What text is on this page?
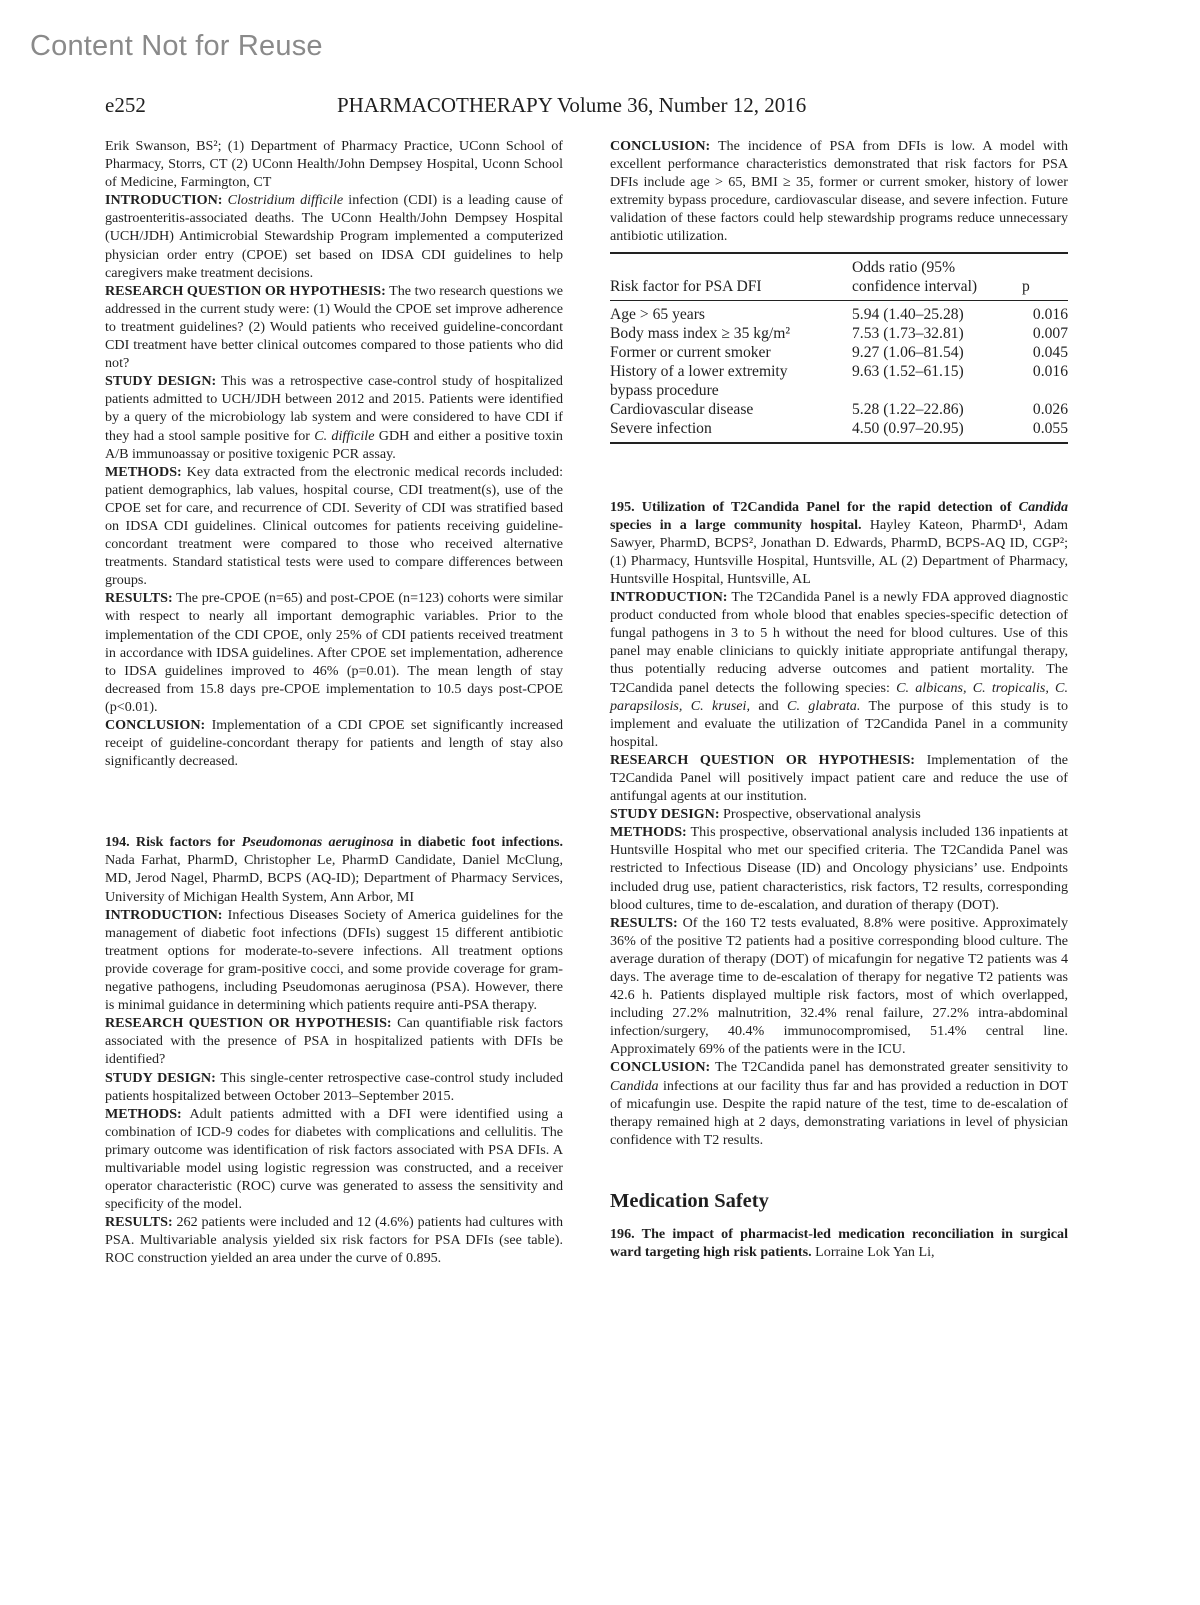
Content Not for Reuse
e252	PHARMACOTHERAPY Volume 36, Number 12, 2016

Erik Swanson, BS²; (1) Department of Pharmacy Practice, UConn School of Pharmacy, Storrs, CT (2) UConn Health/John Dempsey Hospital, Uconn School of Medicine, Farmington, CT

INTRODUCTION: Clostridium difficile infection (CDI) is a leading cause of gastroenteritis-associated deaths. The UConn Health/John Dempsey Hospital (UCH/JDH) Antimicrobial Stewardship Program implemented a computerized physician order entry (CPOE) set based on IDSA CDI guidelines to help caregivers make treatment decisions.

RESEARCH QUESTION OR HYPOTHESIS: The two research questions we addressed in the current study were: (1) Would the CPOE set improve adherence to treatment guidelines? (2) Would patients who received guideline-concordant CDI treatment have better clinical outcomes compared to those patients who did not?

STUDY DESIGN: This was a retrospective case-control study of hospitalized patients admitted to UCH/JDH between 2012 and 2015. Patients were identified by a query of the microbiology lab system and were considered to have CDI if they had a stool sample positive for C. difficile GDH and either a positive toxin A/B immunoassay or positive toxigenic PCR assay.

METHODS: Key data extracted from the electronic medical records included: patient demographics, lab values, hospital course, CDI treatment(s), use of the CPOE set for care, and recurrence of CDI. Severity of CDI was stratified based on IDSA CDI guidelines. Clinical outcomes for patients receiving guideline-concordant treatment were compared to those who received alternative treatments. Standard statistical tests were used to compare differences between groups.

RESULTS: The pre-CPOE (n=65) and post-CPOE (n=123) cohorts were similar with respect to nearly all important demographic variables. Prior to the implementation of the CDI CPOE, only 25% of CDI patients received treatment in accordance with IDSA guidelines. After CPOE set implementation, adherence to IDSA guidelines improved to 46% (p=0.01). The mean length of stay decreased from 15.8 days pre-CPOE implementation to 10.5 days post-CPOE (p<0.01).

CONCLUSION: Implementation of a CDI CPOE set significantly increased receipt of guideline-concordant therapy for patients and length of stay also significantly decreased.

194. Risk factors for Pseudomonas aeruginosa in diabetic foot infections. Nada Farhat, PharmD, Christopher Le, PharmD Candidate, Daniel McClung, MD, Jerod Nagel, PharmD, BCPS (AQ-ID); Department of Pharmacy Services, University of Michigan Health System, Ann Arbor, MI

INTRODUCTION: Infectious Diseases Society of America guidelines for the management of diabetic foot infections (DFIs) suggest 15 different antibiotic treatment options for moderate-to-severe infections. All treatment options provide coverage for gram-positive cocci, and some provide coverage for gram-negative pathogens, including Pseudomonas aeruginosa (PSA). However, there is minimal guidance in determining which patients require anti-PSA therapy.

RESEARCH QUESTION OR HYPOTHESIS: Can quantifiable risk factors associated with the presence of PSA in hospitalized patients with DFIs be identified?

STUDY DESIGN: This single-center retrospective case-control study included patients hospitalized between October 2013–September 2015.

METHODS: Adult patients admitted with a DFI were identified using a combination of ICD-9 codes for diabetes with complications and cellulitis. The primary outcome was identification of risk factors associated with PSA DFIs. A multivariable model using logistic regression was constructed, and a receiver operator characteristic (ROC) curve was generated to assess the sensitivity and specificity of the model.

RESULTS: 262 patients were included and 12 (4.6%) patients had cultures with PSA. Multivariable analysis yielded six risk factors for PSA DFIs (see table). ROC construction yielded an area under the curve of 0.895.

CONCLUSION: The incidence of PSA from DFIs is low. A model with excellent performance characteristics demonstrated that risk factors for PSA DFIs include age > 65, BMI ≥ 35, former or current smoker, history of lower extremity bypass procedure, cardiovascular disease, and severe infection. Future validation of these factors could help stewardship programs reduce unnecessary antibiotic utilization.

Risk factor for PSA DFI	Odds ratio (95% confidence interval)	p
Age > 65 years	5.94 (1.40–25.28)	0.016
Body mass index ≥ 35 kg/m²	7.53 (1.73–32.81)	0.007
Former or current smoker	9.27 (1.06–81.54)	0.045
History of a lower extremity	9.63 (1.52–61.15)	0.016
bypass procedure		
Cardiovascular disease	5.28 (1.22–22.86)	0.026
Severe infection	4.50 (0.97–20.95)	0.055

195. Utilization of T2Candida Panel for the rapid detection of Candida species in a large community hospital. Hayley Kateon, PharmD¹, Adam Sawyer, PharmD, BCPS², Jonathan D. Edwards, PharmD, BCPS-AQ ID, CGP²; (1) Pharmacy, Huntsville Hospital, Huntsville, AL (2) Department of Pharmacy, Huntsville Hospital, Huntsville, AL

INTRODUCTION: The T2Candida Panel is a newly FDA approved diagnostic product conducted from whole blood that enables species-specific detection of fungal pathogens in 3 to 5 h without the need for blood cultures. Use of this panel may enable clinicians to quickly initiate appropriate antifungal therapy, thus potentially reducing adverse outcomes and patient mortality. The T2Candida panel detects the following species: C. albicans, C. tropicalis, C. parapsilosis, C. krusei, and C. glabrata. The purpose of this study is to implement and evaluate the utilization of T2Candida Panel in a community hospital.

RESEARCH QUESTION OR HYPOTHESIS: Implementation of the T2Candida Panel will positively impact patient care and reduce the use of antifungal agents at our institution.

STUDY DESIGN: Prospective, observational analysis

METHODS: This prospective, observational analysis included 136 inpatients at Huntsville Hospital who met our specified criteria. The T2Candida Panel was restricted to Infectious Disease (ID) and Oncology physicians’ use. Endpoints included drug use, patient characteristics, risk factors, T2 results, corresponding blood cultures, time to de-escalation, and duration of therapy (DOT).

RESULTS: Of the 160 T2 tests evaluated, 8.8% were positive. Approximately 36% of the positive T2 patients had a positive corresponding blood culture. The average duration of therapy (DOT) of micafungin for negative T2 patients was 4 days. The average time to de-escalation of therapy for negative T2 patients was 42.6 h. Patients displayed multiple risk factors, most of which overlapped, including 27.2% malnutrition, 32.4% renal failure, 27.2% intra-abdominal infection/surgery, 40.4% immunocompromised, 51.4% central line. Approximately 69% of the patients were in the ICU.

CONCLUSION: The T2Candida panel has demonstrated greater sensitivity to Candida infections at our facility thus far and has provided a reduction in DOT of micafungin use. Despite the rapid nature of the test, time to de-escalation of therapy remained high at 2 days, demonstrating variations in level of physician confidence with T2 results.

Medication Safety

196. The impact of pharmacist-led medication reconciliation in surgical ward targeting high risk patients. Lorraine Lok Yan Li,
